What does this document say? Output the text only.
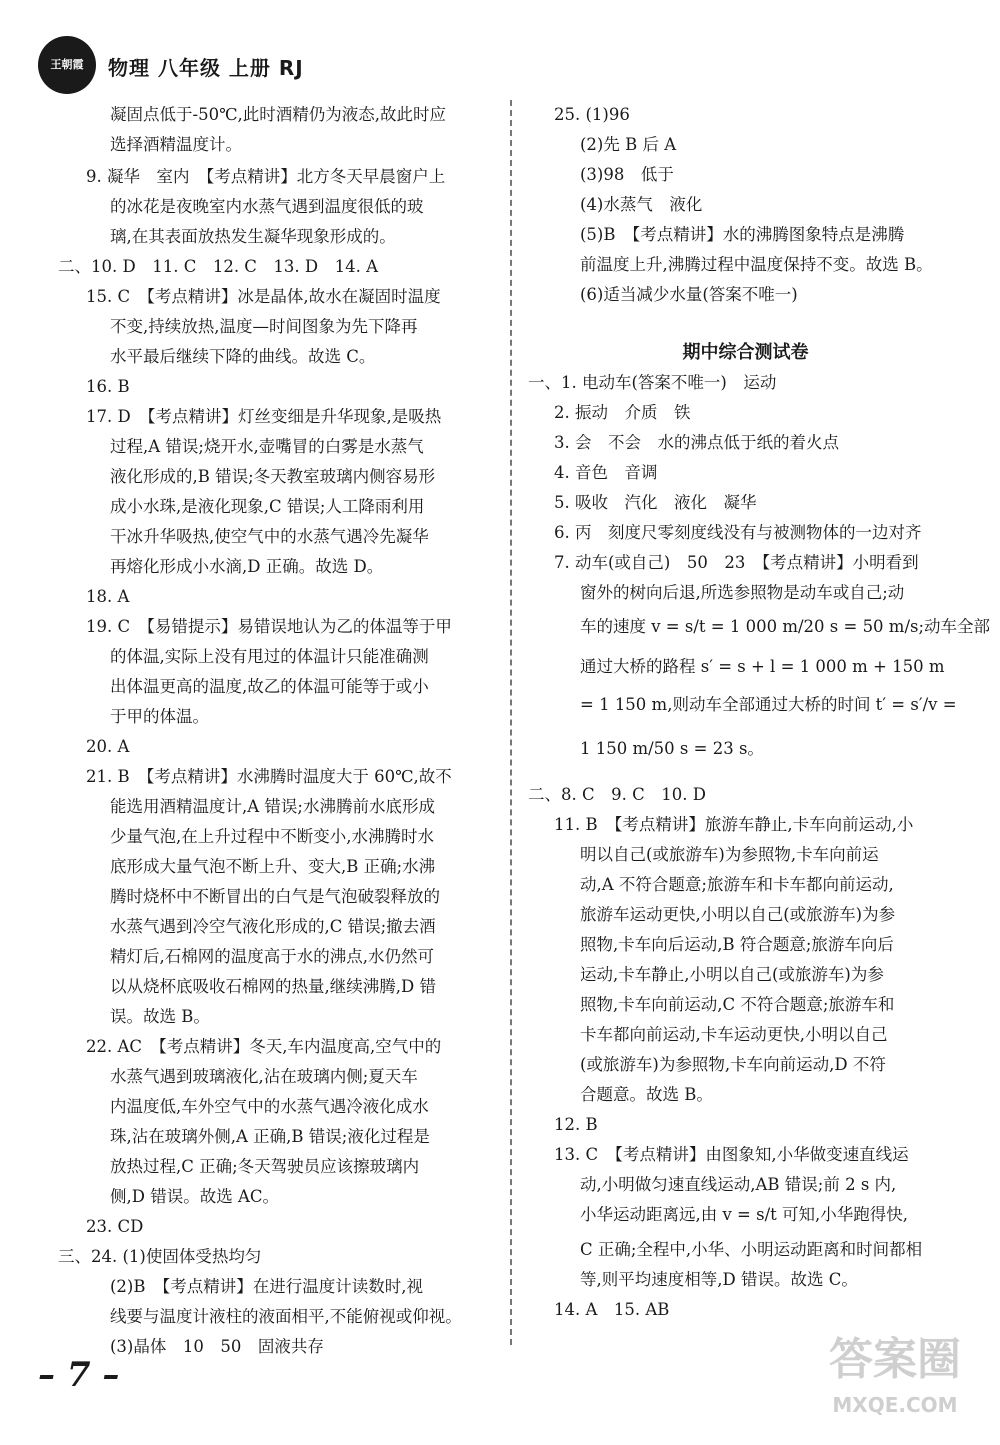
王朝霞	物理 八年级 上册 RJ
凝固点低于-50℃,此时酒精仍为液态,故此时应
选择酒精温度计。
9. 凝华　室内　【考点精讲】北方冬天早晨窗户上
的冰花是夜晚室内水蒸气遇到温度很低的玻
璃,在其表面放热发生凝华现象形成的。
二、10. D　11. C　12. C　13. D　14. A
15. C　【考点精讲】冰是晶体,故水在凝固时温度
不变,持续放热,温度—时间图象为先下降再
水平最后继续下降的曲线。故选 C。
16. B
17. D　【考点精讲】灯丝变细是升华现象,是吸热
过程,A 错误;烧开水,壶嘴冒的白雾是水蒸气
液化形成的,B 错误;冬天教室玻璃内侧容易形
成小水珠,是液化现象,C 错误;人工降雨利用
干冰升华吸热,使空气中的水蒸气遇冷先凝华
再熔化形成小水滴,D 正确。故选 D。
18. A
19. C　【易错提示】易错误地认为乙的体温等于甲
的体温,实际上没有甩过的体温计只能准确测
出体温更高的温度,故乙的体温可能等于或小
于甲的体温。
20. A
21. B　【考点精讲】水沸腾时温度大于 60℃,故不
能选用酒精温度计,A 错误;水沸腾前水底形成
少量气泡,在上升过程中不断变小,水沸腾时水
底形成大量气泡不断上升、变大,B 正确;水沸
腾时烧杯中不断冒出的白气是气泡破裂释放的
水蒸气遇到冷空气液化形成的,C 错误;撤去酒
精灯后,石棉网的温度高于水的沸点,水仍然可
以从烧杯底吸收石棉网的热量,继续沸腾,D 错
误。故选 B。
22. AC　【考点精讲】冬天,车内温度高,空气中的
水蒸气遇到玻璃液化,沾在玻璃内侧;夏天车
内温度低,车外空气中的水蒸气遇冷液化成水
珠,沾在玻璃外侧,A 正确,B 错误;液化过程是
放热过程,C 正确;冬天驾驶员应该擦玻璃内
侧,D 错误。故选 AC。
23. CD
三、24. (1)使固体受热均匀
(2)B　【考点精讲】在进行温度计读数时,视
线要与温度计液柱的液面相平,不能俯视或仰视。
(3)晶体　10　50　固液共存
25. (1)96
(2)先 B 后 A
(3)98　低于
(4)水蒸气　液化
(5)B　【考点精讲】水的沸腾图象特点是沸腾
前温度上升,沸腾过程中温度保持不变。故选 B。
(6)适当减少水量(答案不唯一)
期中综合测试卷
一、1. 电动车(答案不唯一)　运动
2. 振动　介质　铁
3. 会　不会　水的沸点低于纸的着火点
4. 音色　音调
5. 吸收　汽化　液化　凝华
6. 丙　刻度尺零刻度线没有与被测物体的一边对齐
7. 动车(或自己)　50　23　【考点精讲】小明看到
窗外的树向后退,所选参照物是动车或自己;动
车的速度 v = s/t = 1 000 m/20 s = 50 m/s;动车全部
通过大桥的路程 s′ = s + l = 1 000 m + 150 m
= 1 150 m,则动车全部通过大桥的时间 t′ = s′/v =
1 150 m/50 s = 23 s。
二、8. C　9. C　10. D
11. B　【考点精讲】旅游车静止,卡车向前运动,小
明以自己(或旅游车)为参照物,卡车向前运
动,A 不符合题意;旅游车和卡车都向前运动,
旅游车运动更快,小明以自己(或旅游车)为参
照物,卡车向后运动,B 符合题意;旅游车向后
运动,卡车静止,小明以自己(或旅游车)为参
照物,卡车向前运动,C 不符合题意;旅游车和
卡车都向前运动,卡车运动更快,小明以自己
(或旅游车)为参照物,卡车向前运动,D 不符
合题意。故选 B。
12. B
13. C　【考点精讲】由图象知,小华做变速直线运
动,小明做匀速直线运动,AB 错误;前 2 s 内,
小华运动距离远,由 v = s/t 可知,小华跑得快,
C 正确;全程中,小华、小明运动距离和时间都相
等,则平均速度相等,D 错误。故选 C。
14. A　15. AB
– 7 –	答案圈
MXQE.COM
